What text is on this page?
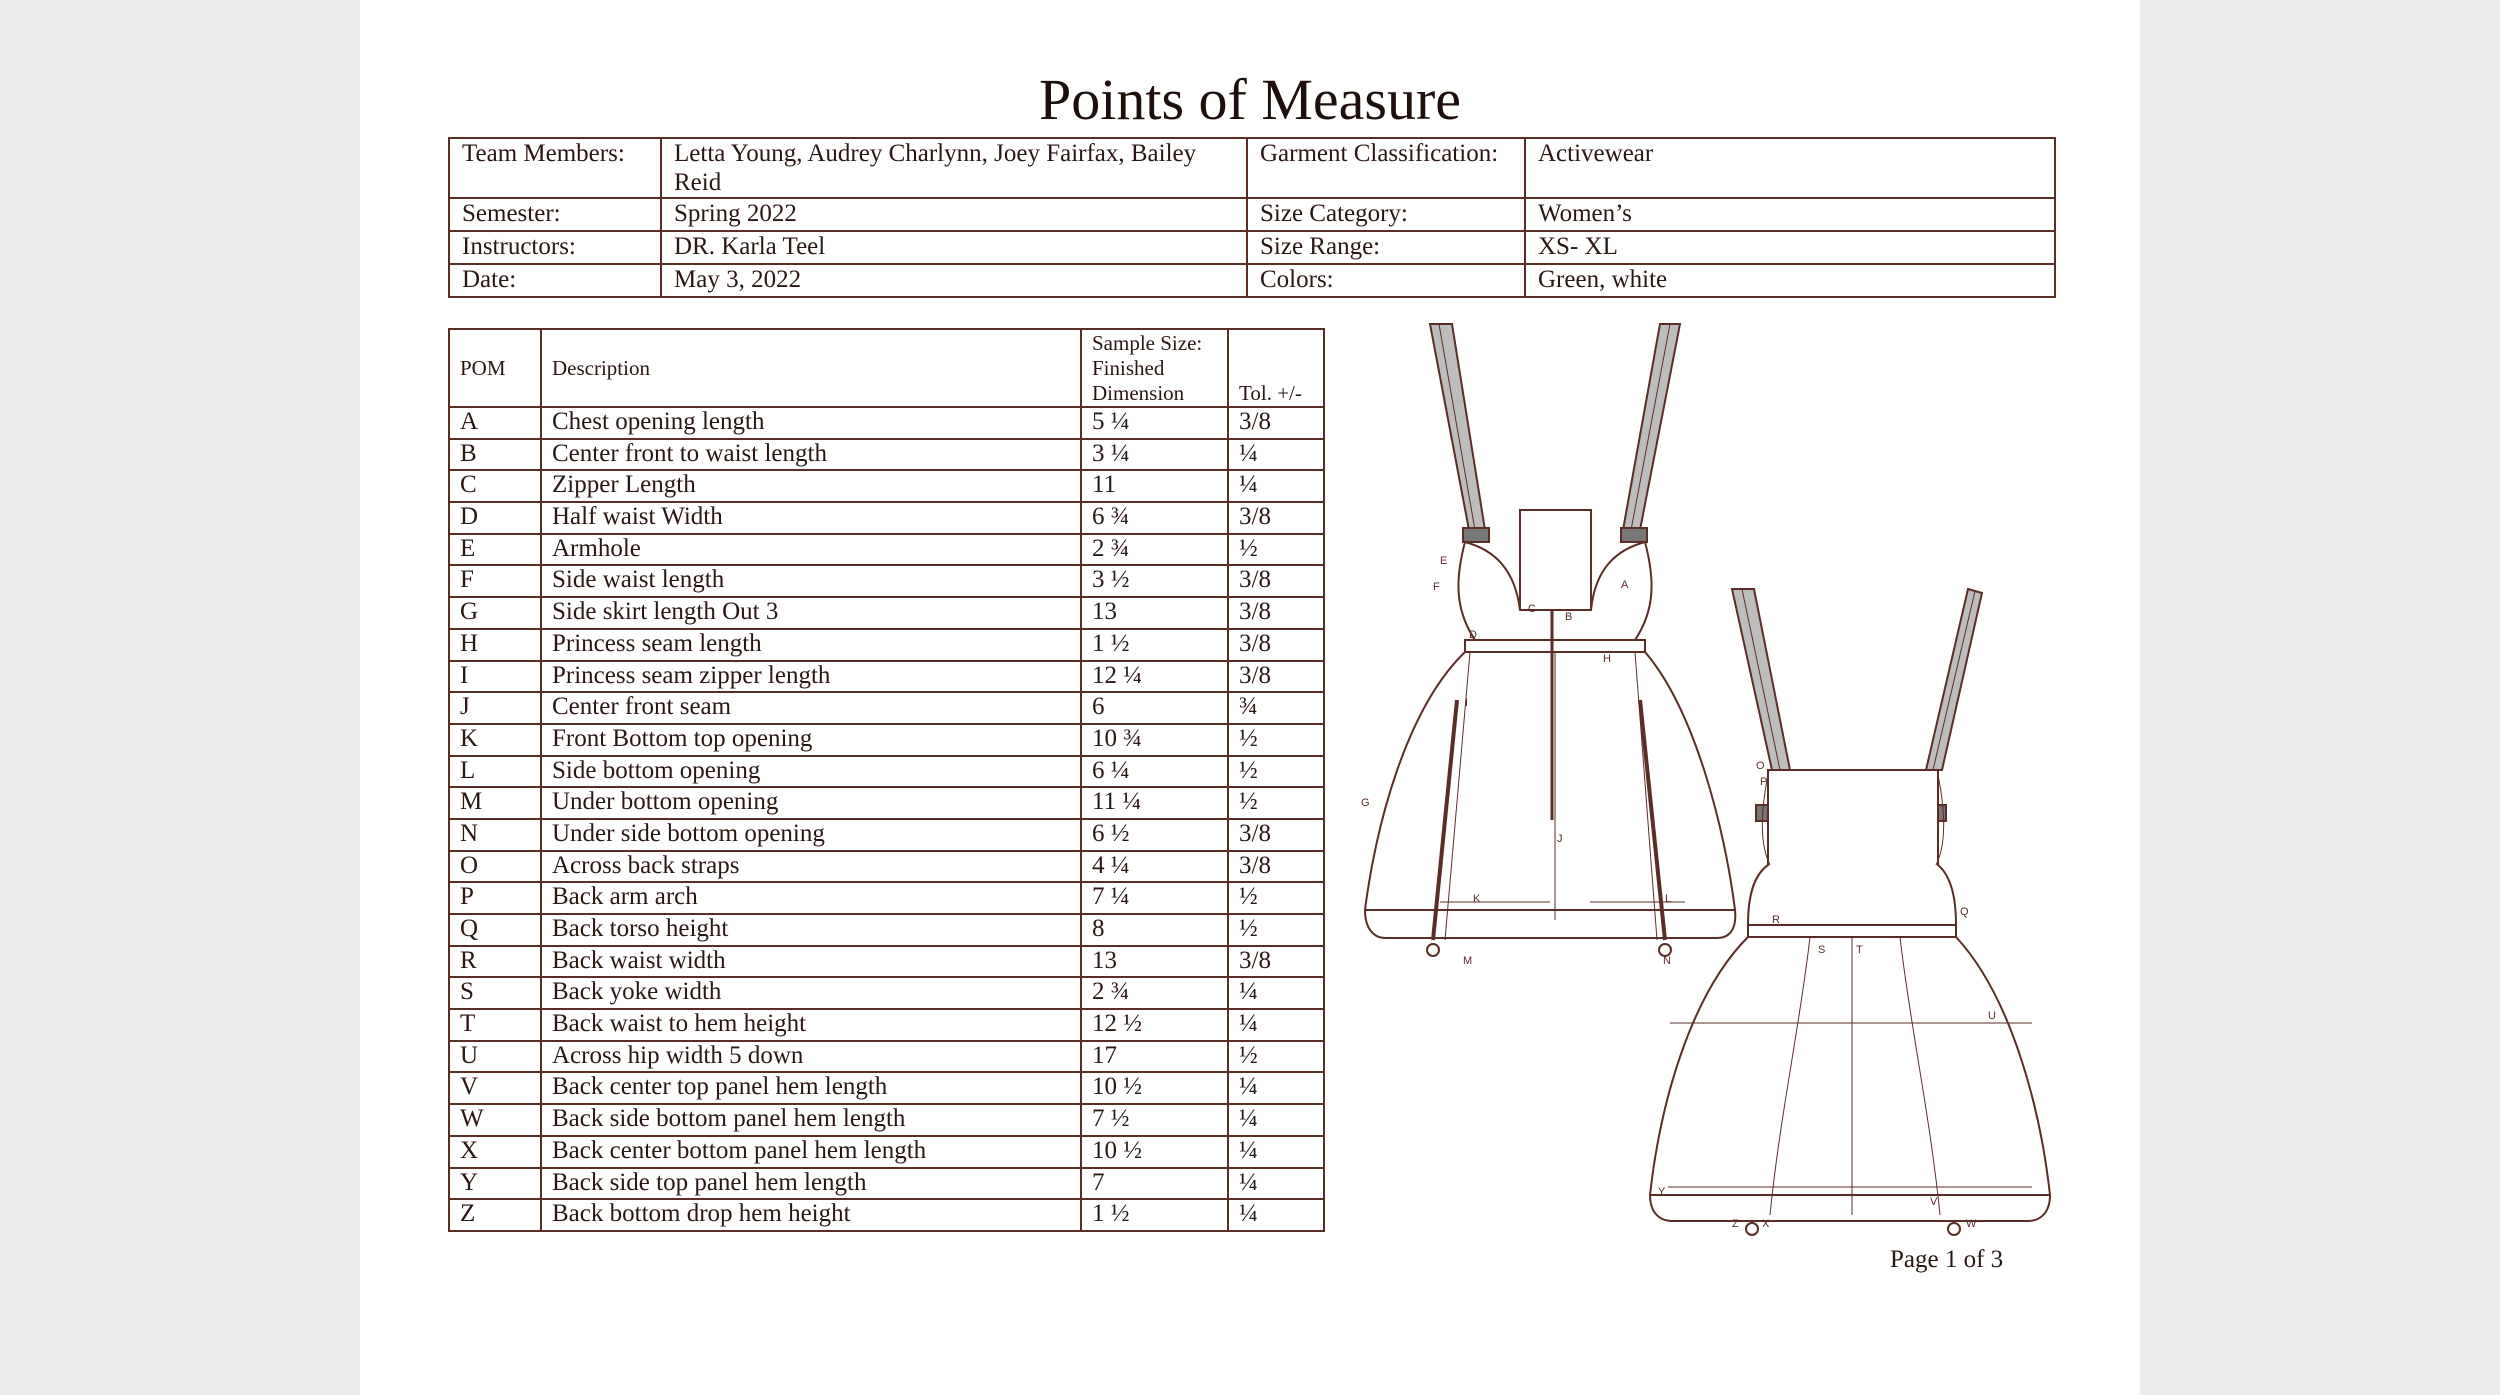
Points of Measure
Team Members:	Letta Young, Audrey Charlynn, Joey Fairfax, Bailey Reid	Garment Classification:	Activewear
Semester:	Spring 2022	Size Category:	Women’s
Instructors:	DR. Karla Teel	Size Range:	XS- XL
Date:	May 3, 2022	Colors:	Green, white
POM	Description	Sample Size: Finished Dimension	Tol. +/-
A	Chest opening length	5 ¼	3/8
B	Center front to waist length	3 ¼	¼
C	Zipper Length	11	¼
D	Half waist Width	6 ¾	3/8
E	Armhole	2 ¾	½
F	Side waist length	3 ½	3/8
G	Side skirt length Out 3	13	3/8
H	Princess seam length	1 ½	3/8
I	Princess seam zipper length	12 ¼	3/8
J	Center front seam	6	¾
K	Front Bottom top opening	10 ¾	½
L	Side bottom opening	6 ¼	½
M	Under bottom opening	11 ¼	½
N	Under side bottom opening	6 ½	3/8
O	Across back straps	4 ¼	3/8
P	Back arm arch	7 ¼	½
Q	Back torso height	8	½
R	Back waist width	13	3/8
S	Back yoke width	2 ¾	¼
T	Back waist to hem height	12 ½	¼
U	Across hip width 5 down	17	½
V	Back center top panel hem length	10 ½	¼
W	Back side bottom panel hem length	7 ½	¼
X	Back center bottom panel hem length	10 ½	¼
Y	Back side top panel hem length	7	¼
Z	Back bottom drop hem height	1 ½	¼
E
F	A
C
B
D
H
I
G
J
K	L
M	N
O
P
R
Q
S	T
U
Y
V
Z X	W
Page 1 of 3
